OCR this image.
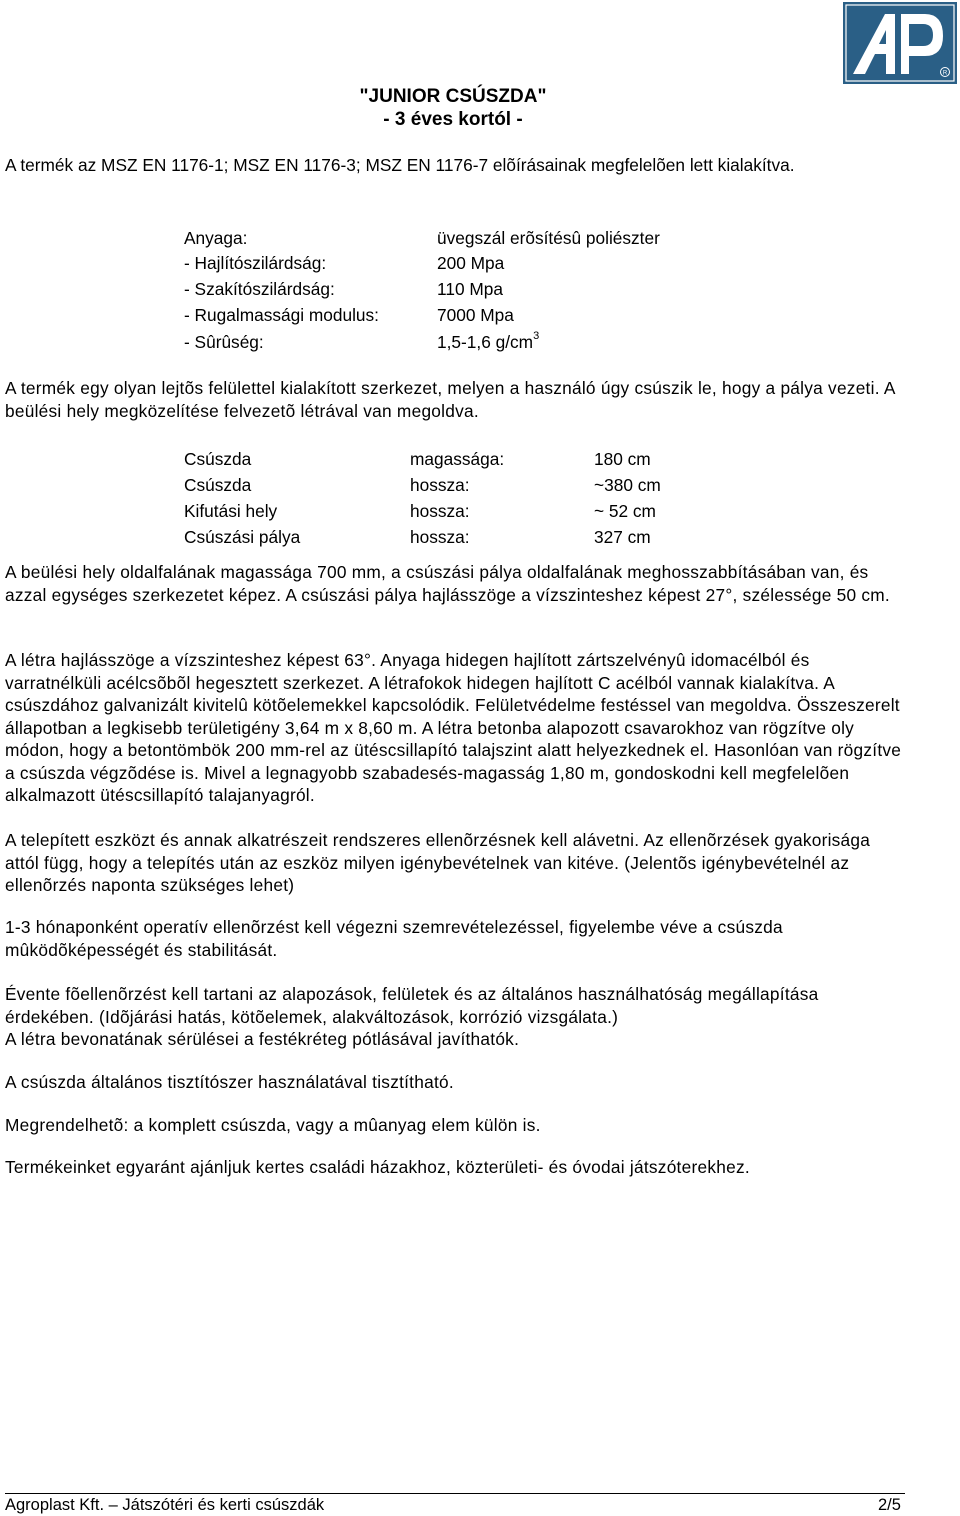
R
"JUNIOR CSÚSZDA"
- 3 éves kortól -

A termék az MSZ EN 1176-1; MSZ EN 1176-3; MSZ EN 1176-7 elõírásainak megfelelõen lett kialakítva.

Anyaga:	üvegszál erõsítésû poliészter
- Hajlítószilárdság:	200 Mpa
- Szakítószilárdság:	110 Mpa
- Rugalmassági modulus:	7000 Mpa
- Sûrûség:	1,5-1,6 $g/cm^3$

A termék egy olyan lejtõs felülettel kialakított szerkezet, melyen a használó úgy csúszik le, hogy a pálya vezeti. A beülési hely megközelítése felvezetõ létrával van megoldva.

Csúszda	magassága:	180 cm
Csúszda	hossza:	~380 cm
Kifutási hely	hossza:	~ 52 cm
Csúszási pálya	hossza:	327 cm

A beülési hely oldalfalának magassága 700 mm, a csúszási pálya oldalfalának meghosszabbításában van, és azzal egységes szerkezetet képez. A csúszási pálya hajlásszöge a vízszinteshez képest 27°, szélessége 50 cm.

A létra hajlásszöge a vízszinteshez képest 63°. Anyaga hidegen hajlított zártszelvényû idomacélból és varratnélküli acélcsõbõl hegesztett szerkezet. A létrafokok hidegen hajlított C acélból vannak kialakítva. A csúszdához galvanizált kivitelû kötõelemekkel kapcsolódik. Felületvédelme festéssel van megoldva. Összeszerelt állapotban a legkisebb területigény 3,64 m x 8,60 m. A létra betonba alapozott csavarokhoz van rögzítve oly módon, hogy a betontömbök 200 mm-rel az ütéscsillapító talajszint alatt helyezkednek el. Hasonlóan van rögzítve a csúszda végzõdése is. Mivel a legnagyobb szabadesés-magasság 1,80 m, gondoskodni kell megfelelõen alkalmazott ütéscsillapító talajanyagról.

A telepített eszközt és annak alkatrészeit rendszeres ellenõrzésnek kell alávetni. Az ellenõrzések gyakorisága attól függ, hogy a telepítés után az eszköz milyen igénybevételnek van kitéve. (Jelentõs igénybevételnél az ellenõrzés naponta szükséges lehet)

1-3 hónaponként operatív ellenõrzést kell végezni szemrevételezéssel, figyelembe véve a csúszda mûködõképességét és stabilitását.

Évente fõellenõrzést kell tartani az alapozások, felületek és az általános használhatóság megállapítása érdekében. (Idõjárási hatás, kötõelemek, alakváltozások, korrózió vizsgálata.)

A létra bevonatának sérülései a festékréteg pótlásával javíthatók.

A csúszda általános tisztítószer használatával tisztítható.

Megrendelhetõ: a komplett csúszda, vagy a mûanyag elem külön is.

Termékeinket egyaránt ajánljuk kertes családi házakhoz, közterületi- és óvodai játszóterekhez.

Agroplast Kft. – Játszótéri és kerti csúszdák	2/5
